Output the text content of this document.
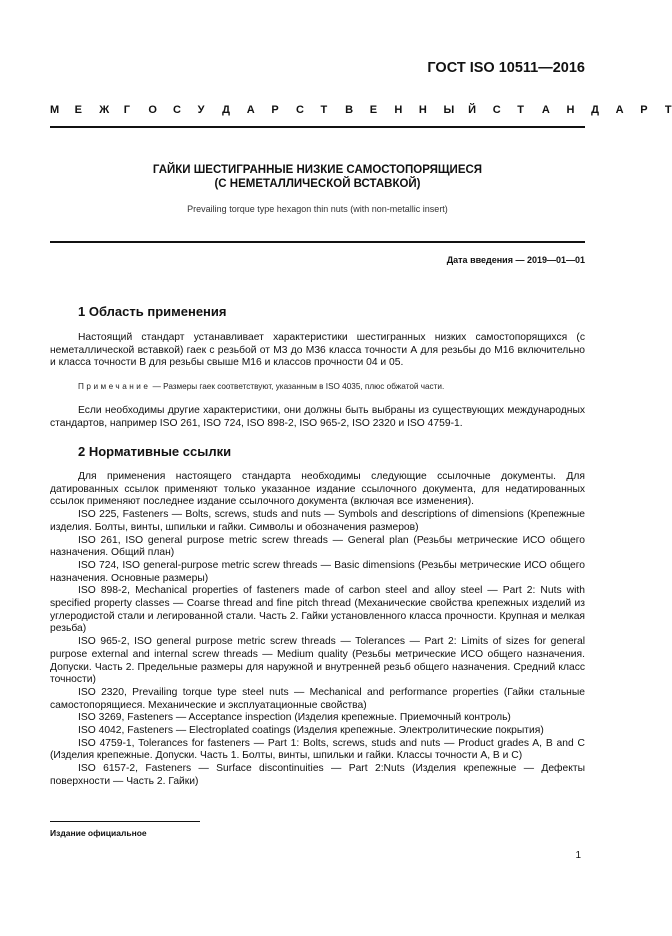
ГОСТ ISO 10511—2016
М	Е	Ж	Г	О	С	У	Д	А	Р	С	Т	В	Е	Н	Н	Ы	Й	С	Т	А	Н	Д	А	Р	Т
ГАЙКИ ШЕСТИГРАННЫЕ НИЗКИЕ САМОСТОПОРЯЩИЕСЯ
(С НЕМЕТАЛЛИЧЕСКОЙ ВСТАВКОЙ)
Prevailing torque type hexagon thin nuts (with non-metallic insert)
Дата введения — 2019—01—01
1 Область применения
Настоящий стандарт устанавливает характеристики шестигранных низких самостопорящихся (с неметаллической вставкой) гаек с резьбой от М3 до М36 класса точности А для резьбы до М16 включительно и класса точности В для резьбы свыше М16 и классов прочности 04 и 05.
Примечание — Размеры гаек соответствуют, указанным в ISO 4035, плюс обжатой части.
Если необходимы другие характеристики, они должны быть выбраны из существующих международных стандартов, например ISO 261, ISO 724, ISO 898-2, ISO 965-2, ISO 2320 и ISO 4759-1.
2 Нормативные ссылки

Для применения настоящего стандарта необходимы следующие ссылочные документы. Для датированных ссылок применяют только указанное издание ссылочного документа, для недатированных ссылок применяют последнее издание ссылочного документа (включая все изменения).

ISO 225, Fasteners — Bolts, screws, studs and nuts — Symbols and descriptions of dimensions (Крепежные изделия. Болты, винты, шпильки и гайки. Символы и обозначения размеров)

ISO 261, ISO general purpose metric screw threads — General plan (Резьбы метрические ИСО общего назначения. Общий план)

ISO 724, ISO general-purpose metric screw threads — Basic dimensions (Резьбы метрические ИСО общего назначения. Основные размеры)

ISO 898-2, Mechanical properties of fasteners made of carbon steel and alloy steel — Part 2: Nuts with specified property classes — Coarse thread and fine pitch thread (Механические свойства крепежных изделий из углеродистой стали и легированной стали. Часть 2. Гайки установленного класса прочности. Крупная и мелкая резьба)

ISO 965-2, ISO general purpose metric screw threads — Tolerances — Part 2: Limits of sizes for general purpose external and internal screw threads — Medium quality (Резьбы метрические ИСО общего назначения. Допуски. Часть 2. Предельные размеры для наружной и внутренней резьб общего назначения. Средний класс точности)

ISO 2320, Prevailing torque type steel nuts — Mechanical and performance properties (Гайки стальные самостопорящиеся. Механические и эксплуатационные свойства)

ISO 3269, Fasteners — Acceptance inspection (Изделия крепежные. Приемочный контроль)

ISO 4042, Fasteners — Electroplated coatings (Изделия крепежные. Электролитические покрытия)

ISO 4759-1, Tolerances for fasteners — Part 1: Bolts, screws, studs and nuts — Product grades A, B and C (Изделия крепежные. Допуски. Часть 1. Болты, винты, шпильки и гайки. Классы точности А, В и С)

ISO 6157-2, Fasteners — Surface discontinuities — Part 2:Nuts (Изделия крепежные — Дефекты поверхности — Часть 2. Гайки)

Издание официальное
1
